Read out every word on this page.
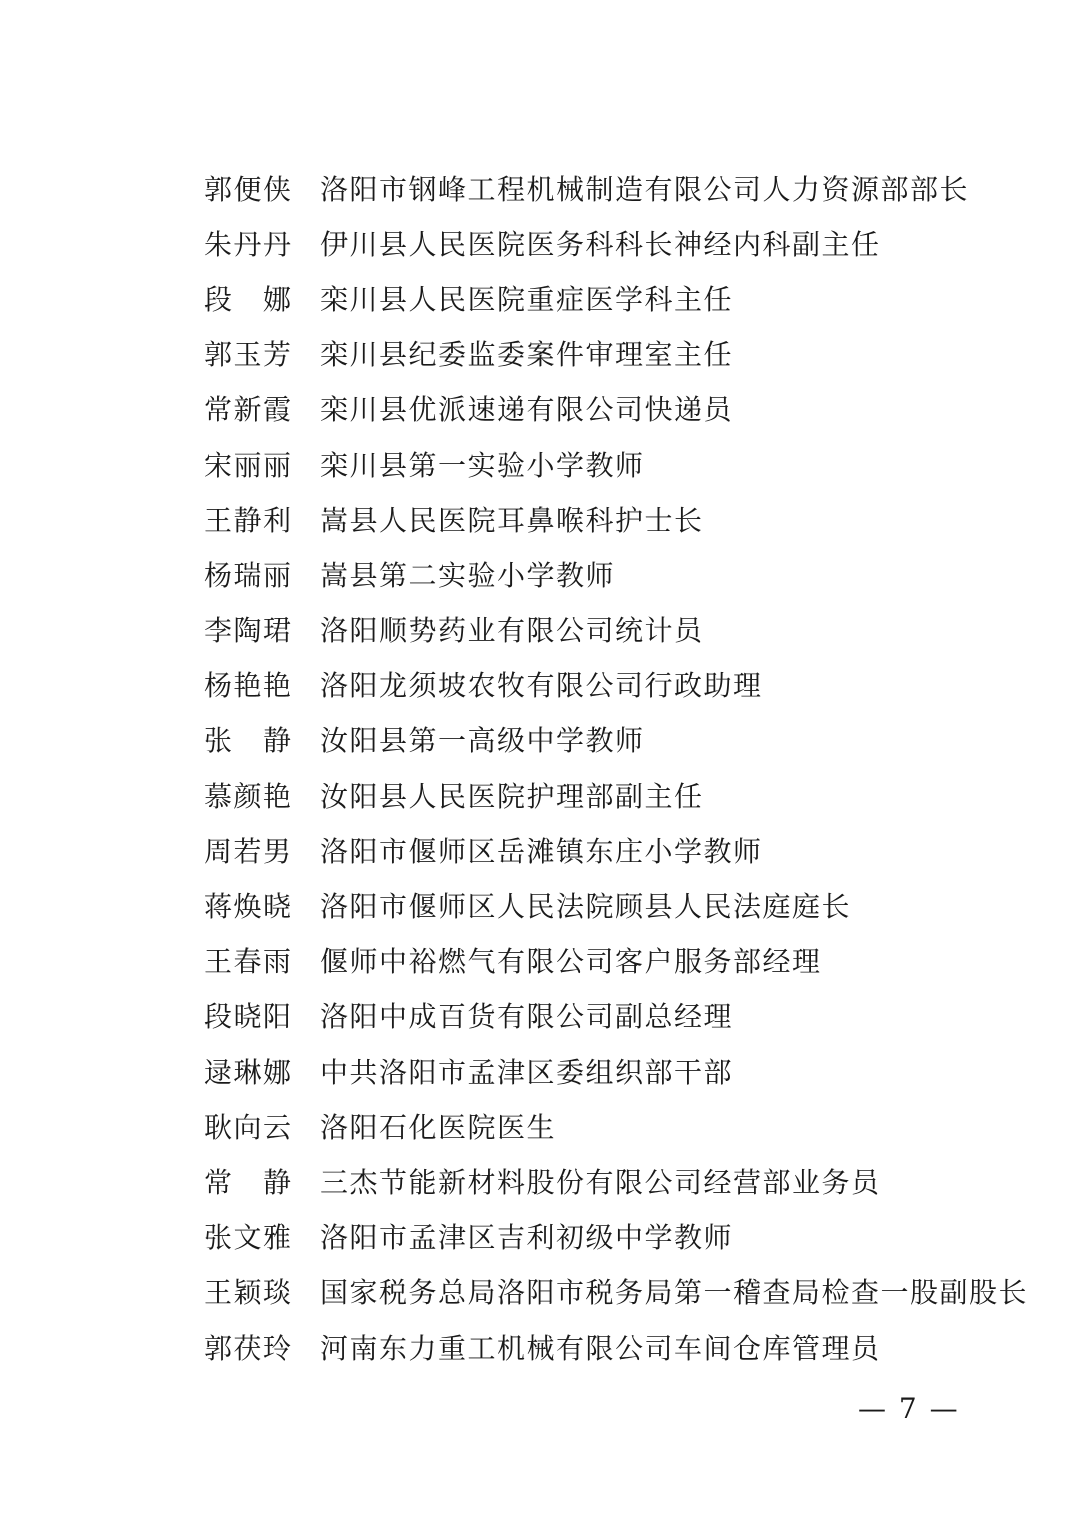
郭便侠 洛阳市钢峰工程机械制造有限公司人力资源部部长
朱丹丹 伊川县人民医院医务科科长神经内科副主任
段　娜 栾川县人民医院重症医学科主任
郭玉芳 栾川县纪委监委案件审理室主任
常新霞 栾川县优派速递有限公司快递员
宋丽丽 栾川县第一实验小学教师
王静利 嵩县人民医院耳鼻喉科护士长
杨瑞丽 嵩县第二实验小学教师
李陶珺 洛阳顺势药业有限公司统计员
杨艳艳 洛阳龙须坡农牧有限公司行政助理
张　静 汝阳县第一高级中学教师
慕颜艳 汝阳县人民医院护理部副主任
周若男 洛阳市偃师区岳滩镇东庄小学教师
蒋焕晓 洛阳市偃师区人民法院顾县人民法庭庭长
王春雨 偃师中裕燃气有限公司客户服务部经理
段晓阳 洛阳中成百货有限公司副总经理
逯琳娜 中共洛阳市孟津区委组织部干部
耿向云 洛阳石化医院医生
常　静 三杰节能新材料股份有限公司经营部业务员
张文雅 洛阳市孟津区吉利初级中学教师
王颖琰 国家税务总局洛阳市税务局第一稽查局检查一股副股长
郭茯玲 河南东力重工机械有限公司车间仓库管理员
— 7 —
